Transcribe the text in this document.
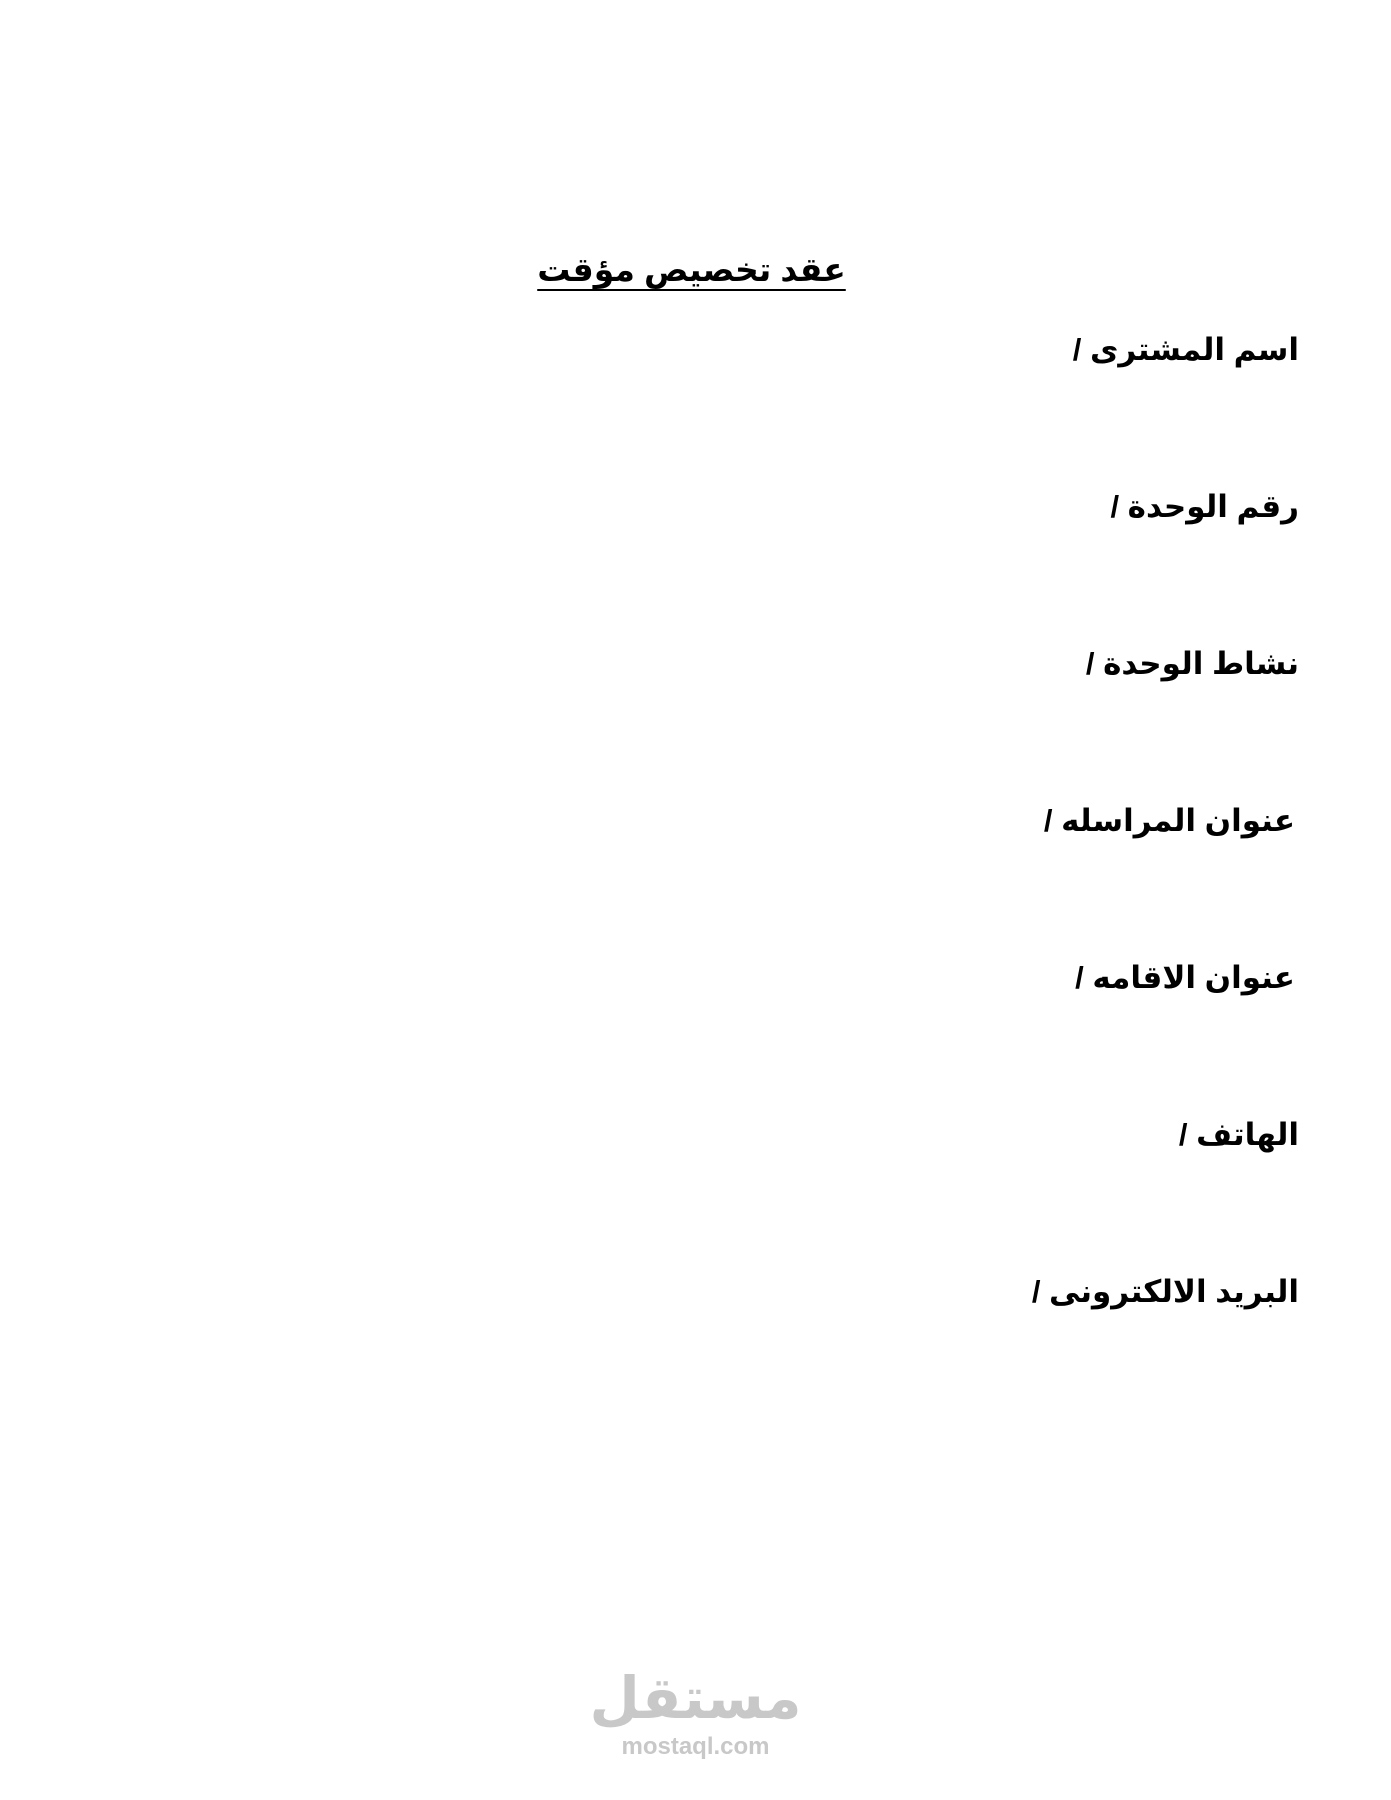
عقد تخصيص مؤقت
اسم المشترى /
رقم الوحدة /
نشاط الوحدة /
عنوان المراسله /
عنوان الاقامه /
الهاتف /
البريد الالكترونى /
مستقل
mostaql.com
